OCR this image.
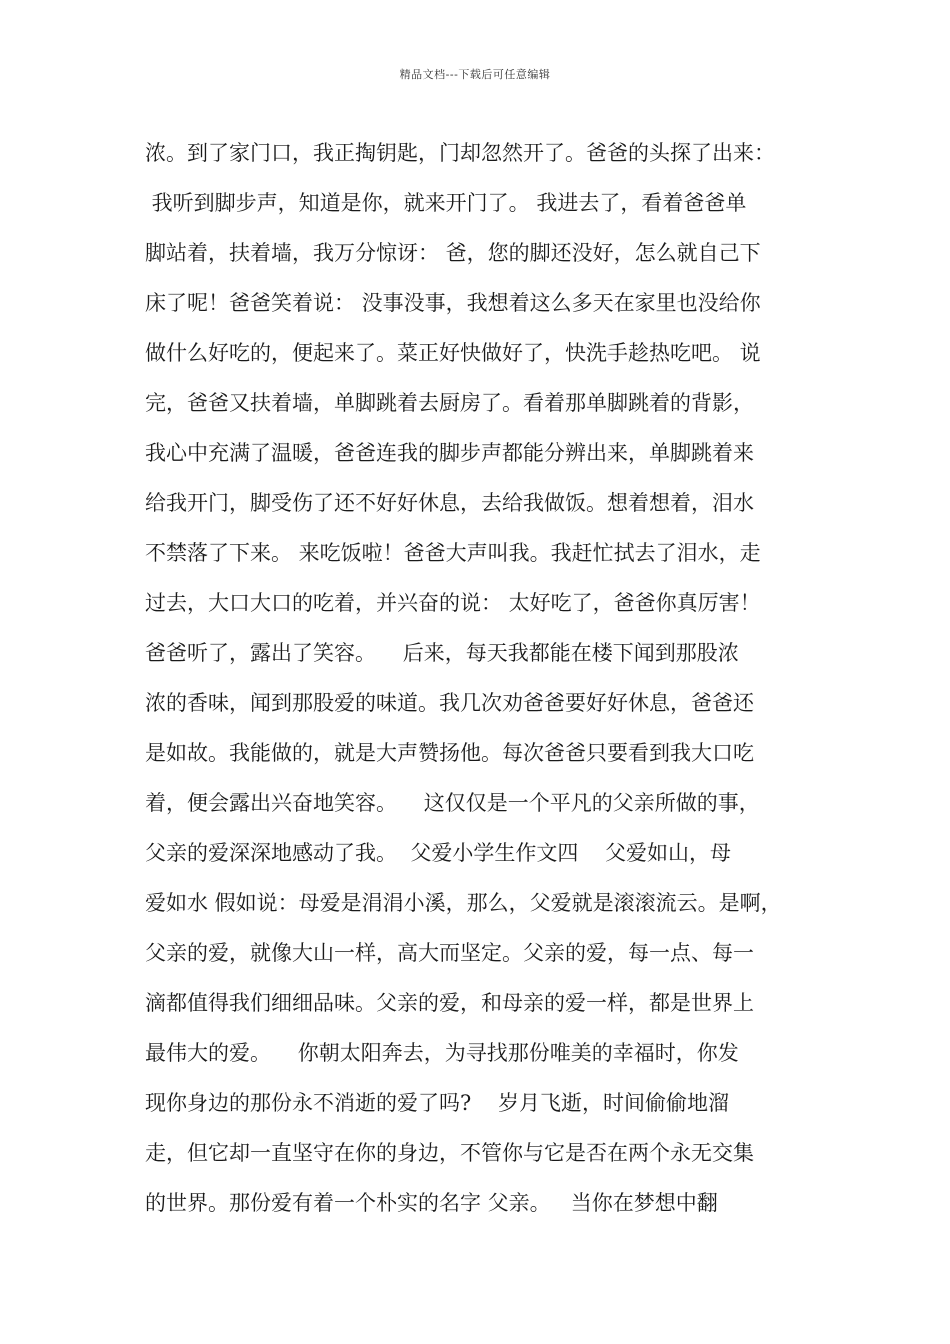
精品文档---下载后可任意编辑
浓。到了家门口，我正掏钥匙，门却忽然开了。爸爸的头探了出来：
我听到脚步声，知道是你，就来开门了。 我进去了，看着爸爸单
脚站着，扶着墙，我万分惊讶： 爸，您的脚还没好，怎么就自己下
床了呢！爸爸笑着说： 没事没事，我想着这么多天在家里也没给你
做什么好吃的，便起来了。菜正好快做好了，快洗手趁热吃吧。 说
完，爸爸又扶着墙，单脚跳着去厨房了。看着那单脚跳着的背影，
我心中充满了温暖，爸爸连我的脚步声都能分辨出来，单脚跳着来
给我开门，脚受伤了还不好好休息，去给我做饭。想着想着，泪水
不禁落了下来。 来吃饭啦！爸爸大声叫我。我赶忙拭去了泪水，走
过去，大口大口的吃着，并兴奋的说： 太好吃了，爸爸你真厉害！
爸爸听了，露出了笑容。    后来，每天我都能在楼下闻到那股浓
浓的香味，闻到那股爱的味道。我几次劝爸爸要好好休息，爸爸还
是如故。我能做的，就是大声赞扬他。每次爸爸只要看到我大口吃
着，便会露出兴奋地笑容。    这仅仅是一个平凡的父亲所做的事，
父亲的爱深深地感动了我。  父爱小学生作文四    父爱如山，母
爱如水 假如说：母爱是涓涓小溪，那么，父爱就是滚滚流云。是啊，
父亲的爱，就像大山一样，高大而坚定。父亲的爱，每一点、每一
滴都值得我们细细品味。父亲的爱，和母亲的爱一样，都是世界上
最伟大的爱。    你朝太阳奔去，为寻找那份唯美的幸福时，你发
现你身边的那份永不消逝的爱了吗?    岁月飞逝，时间偷偷地溜
走，但它却一直坚守在你的身边，不管你与它是否在两个永无交集
的世界。那份爱有着一个朴实的名字 父亲。   当你在梦想中翻
